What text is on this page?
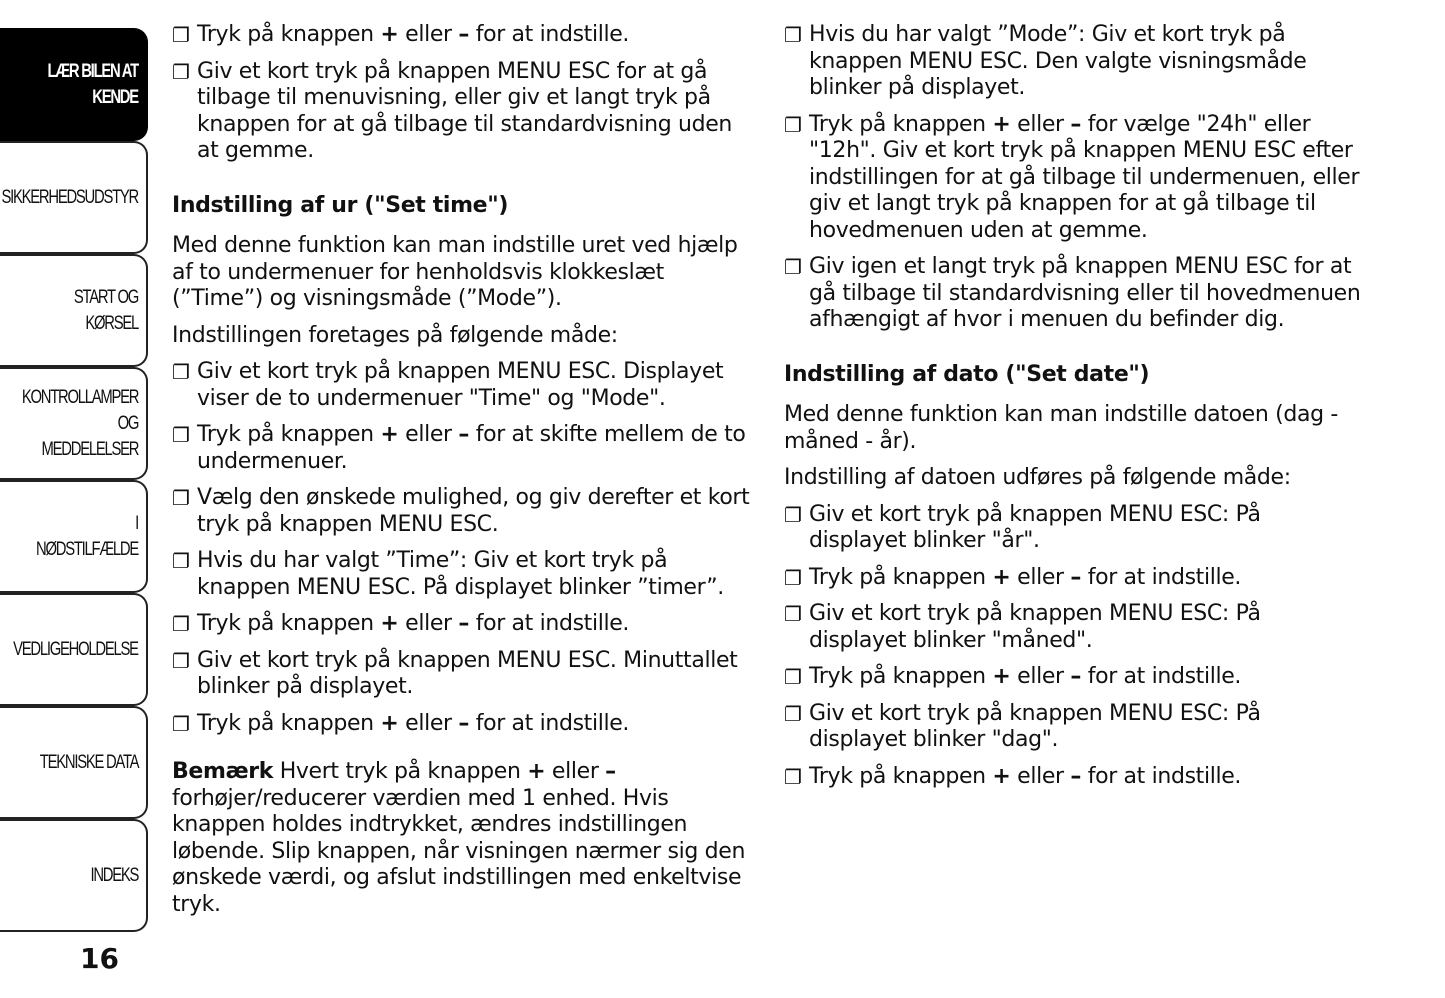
LÆR BILEN AT
KENDE
SIKKERHEDSUDSTYR
START OG KØRSEL
KONTROLLAMPER
OG MEDDELELSER
I NØDSTILFÆLDE
VEDLIGEHOLDELSE
TEKNISKE DATA
INDEKS
16
❐ Tryk på knappen + eller – for at indstille.
❐ Giv et kort tryk på knappen MENU ESC for at gå tilbage til menuvisning, eller giv et langt tryk på knappen for at gå tilbage til standardvisning uden at gemme.
Indstilling af ur ("Set time")
Med denne funktion kan man indstille uret ved hjælp af to undermenuer for henholdsvis klokkeslæt (”Time”) og visningsmåde (”Mode”).
Indstillingen foretages på følgende måde:
❐ Giv et kort tryk på knappen MENU ESC. Displayet viser de to undermenuer "Time" og "Mode".
❐ Tryk på knappen + eller – for at skifte mellem de to undermenuer.
❐ Vælg den ønskede mulighed, og giv derefter et kort tryk på knappen MENU ESC.
❐ Hvis du har valgt ”Time”: Giv et kort tryk på knappen MENU ESC. På displayet blinker ”timer”.
❐ Tryk på knappen + eller – for at indstille.
❐ Giv et kort tryk på knappen MENU ESC. Minuttallet blinker på displayet.
❐ Tryk på knappen + eller – for at indstille.
Bemærk Hvert tryk på knappen + eller – forhøjer/reducerer værdien med 1 enhed. Hvis knappen holdes indtrykket, ændres indstillingen løbende. Slip knappen, når visningen nærmer sig den ønskede værdi, og afslut indstillingen med enkeltvise tryk.
❐ Hvis du har valgt ”Mode”: Giv et kort tryk på knappen MENU ESC. Den valgte visningsmåde blinker på displayet.
❐ Tryk på knappen + eller – for vælge "24h" eller "12h". Giv et kort tryk på knappen MENU ESC efter indstillingen for at gå tilbage til undermenuen, eller giv et langt tryk på knappen for at gå tilbage til hovedmenuen uden at gemme.
❐ Giv igen et langt tryk på knappen MENU ESC for at gå tilbage til standardvisning eller til hovedmenuen afhængigt af hvor i menuen du befinder dig.
Indstilling af dato ("Set date")
Med denne funktion kan man indstille datoen (dag - måned - år).
Indstilling af datoen udføres på følgende måde:
❐ Giv et kort tryk på knappen MENU ESC: På displayet blinker "år".
❐ Tryk på knappen + eller – for at indstille.
❐ Giv et kort tryk på knappen MENU ESC: På displayet blinker "måned".
❐ Tryk på knappen + eller – for at indstille.
❐ Giv et kort tryk på knappen MENU ESC: På displayet blinker "dag".
❐ Tryk på knappen + eller – for at indstille.
